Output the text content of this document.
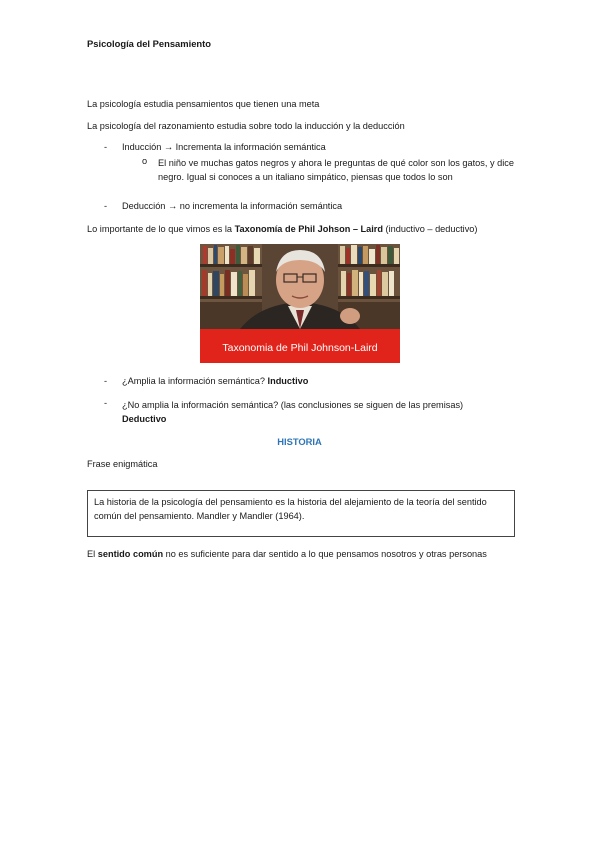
Psicología del Pensamiento
La psicología estudia pensamientos que tienen una meta
La psicología del razonamiento estudia sobre todo la inducción y la deducción
- Inducción → Incrementa la información semántica
o El niño ve muchas gatos negros y ahora le preguntas de qué color son los gatos, y dice negro. Igual si conoces a un italiano simpático, piensas que todos lo son
- Deducción → no incrementa la información semántica
Lo importante de lo que vimos es la Taxonomía de Phil Johson – Laird (inductivo – deductivo)
Taxonomia de Phil Johnson-Laird
- ¿Amplia la información semántica? Inductivo
- ¿No amplia la información semántica? (las conclusiones se siguen de las premisas)
Deductivo
HISTORIA
Frase enigmática
La historia de la psicología del pensamiento es la historia del alejamiento de la teoría del sentido común del pensamiento. Mandler y Mandler (1964).
El sentido común no es suficiente para dar sentido a lo que pensamos nosotros y otras personas
